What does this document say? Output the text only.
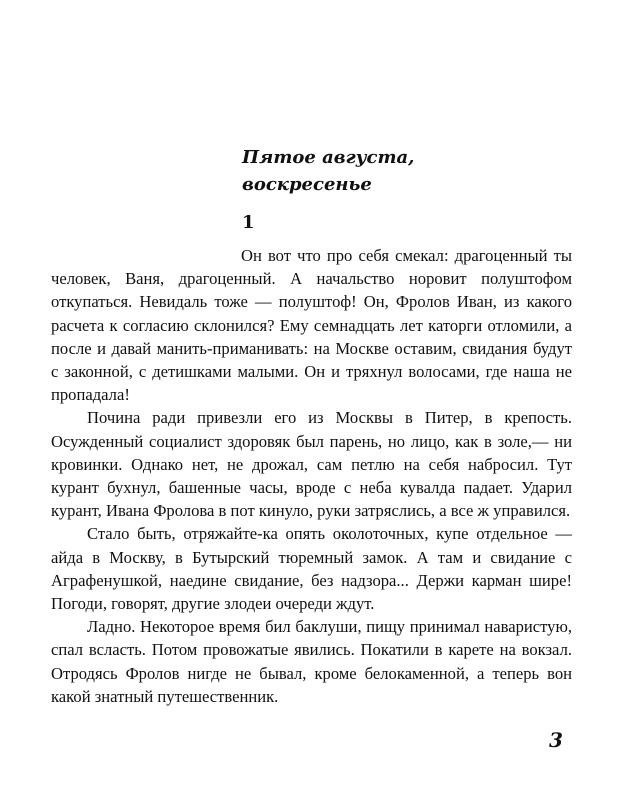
Пятое августа,
воскресенье
1

Он вот что про себя смекал: драгоценный ты человек, Ваня, драгоценный. А начальство норовит полуштофом откупаться. Невидаль тоже — полуштоф! Он, Фролов Иван, из какого расчета к согласию склонился? Ему семнадцать лет каторги отломили, а после и давай манить-приманивать: на Москве оставим, свидания будут с законной, с детишками малыми. Он и тряхнул волосами, где наша не пропадала!

Почина ради привезли его из Москвы в Питер, в крепость. Осужденный социалист здоровяк был парень, но лицо, как в золе,— ни кровинки. Однако нет, не дрожал, сам петлю на себя набросил. Тут курант бухнул, башенные часы, вроде с неба кувалда падает. Ударил курант, Ивана Фролова в пот кинуло, руки затряслись, а все ж управился.

Стало быть, отряжайте-ка опять околоточных, купе отдельное — айда в Москву, в Бутырский тюремный замок. А там и свидание с Аграфенушкой, наедине свидание, без надзора... Держи карман шире! Погоди, говорят, другие злодеи очереди ждут.

Ладно. Некоторое время бил баклуши, пищу принимал наваристую, спал всласть. Потом провожатые явились. Покатили в карете на вокзал. Отродясь Фролов нигде не бывал, кроме белокаменной, а теперь вон какой знатный путешественник.

3
